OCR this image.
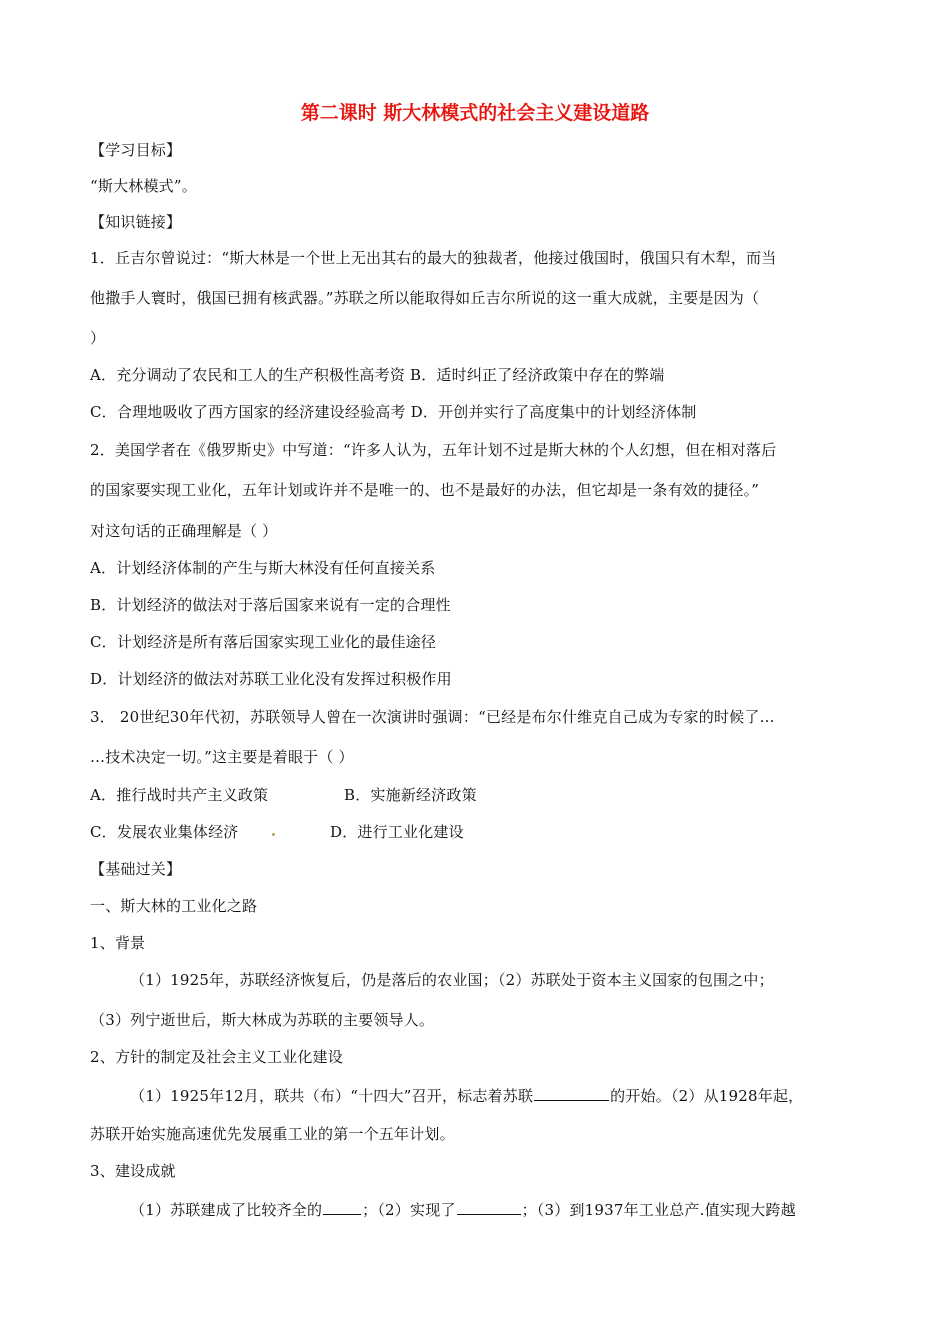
第二课时 斯大林模式的社会主义建设道路
【学习目标】
“斯大林模式”。
【知识链接】
1．丘吉尔曾说过：“斯大林是一个世上无出其右的最大的独裁者，他接过俄国时，俄国只有木犁，而当
他撒手人寰时，俄国已拥有核武器。”苏联之所以能取得如丘吉尔所说的这一重大成就，主要是因为（
）
A．充分调动了农民和工人的生产积极性高考资 B．适时纠正了经济政策中存在的弊端
C．合理地吸收了西方国家的经济建设经验高考 D．开创并实行了高度集中的计划经济体制
2．美国学者在《俄罗斯史》中写道：“许多人认为，五年计划不过是斯大林的个人幻想，但在相对落后
的国家要实现工业化，五年计划或许并不是唯一的、也不是最好的办法，但它却是一条有效的捷径。”
对这句话的正确理解是（ ）
A．计划经济体制的产生与斯大林没有任何直接关系
B．计划经济的做法对于落后国家来说有一定的合理性
C．计划经济是所有落后国家实现工业化的最佳途径
D．计划经济的做法对苏联工业化没有发挥过积极作用
3． 20世纪30年代初，苏联领导人曾在一次演讲时强调：“已经是布尔什维克自己成为专家的时候了…
…技术决定一切。”这主要是着眼于（ ）
A．推行战时共产主义政策	B．实施新经济政策
C．发展农业集体经济	D．进行工业化建设
【基础过关】
一、斯大林的工业化之路
1、背景
（1）1925年，苏联经济恢复后，仍是落后的农业国；（2）苏联处于资本主义国家的包围之中；
（3）列宁逝世后，斯大林成为苏联的主要领导人。
2、方针的制定及社会主义工业化建设
（1）1925年12月，联共（布）“十四大”召开，标志着苏联	的开始。（2）从1928年起，
苏联开始实施高速优先发展重工业的第一个五年计划。
3、建设成就
（1）苏联建成了比较齐全的	；（2）实现了	；（3）到1937年工业总产.值实现大跨越
